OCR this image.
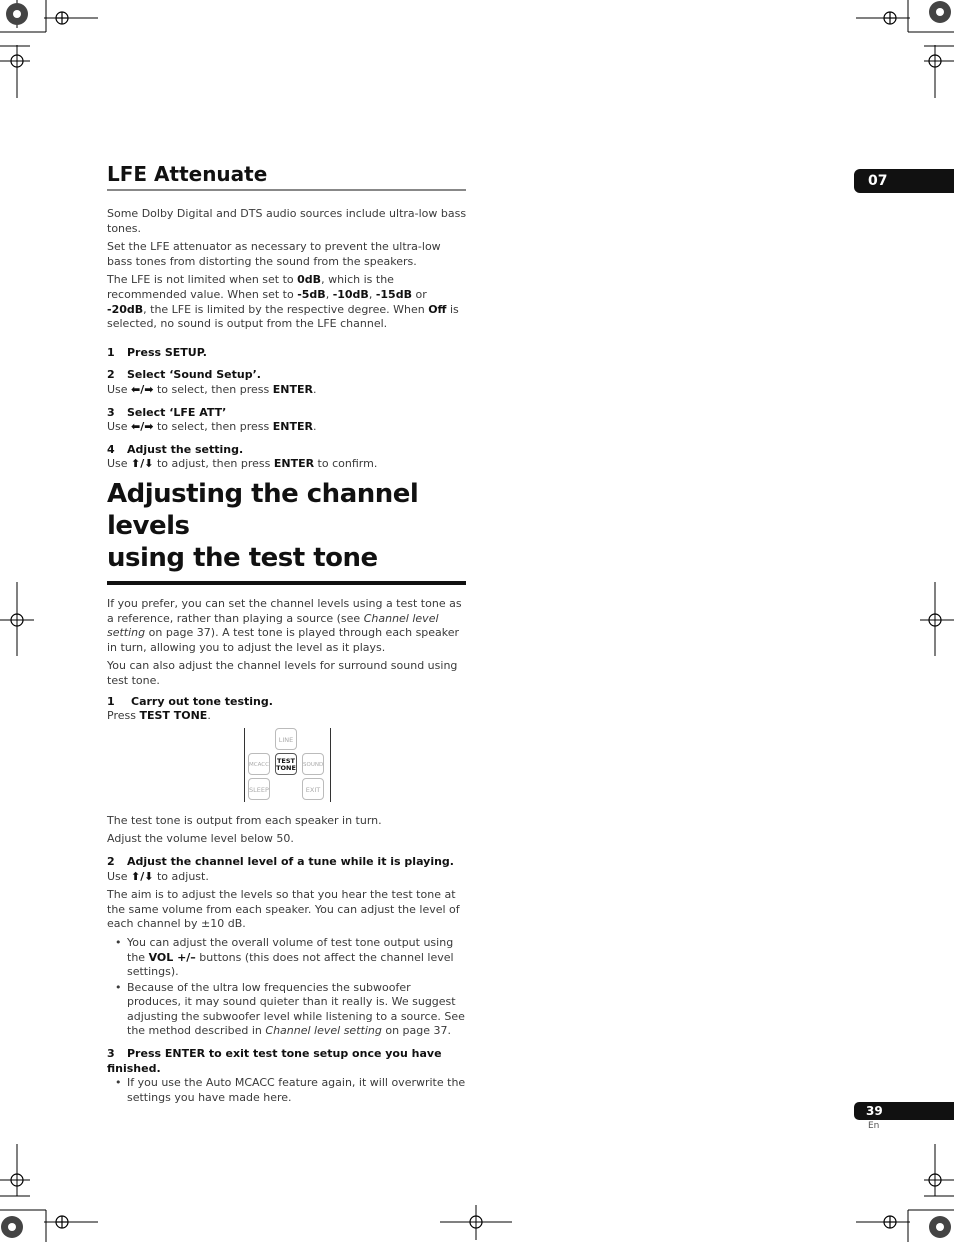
07
39
En
LFE Attenuate

Some Dolby Digital and DTS audio sources include ultra-low bass tones.

Set the LFE attenuator as necessary to prevent the ultra-low bass tones from distorting the sound from the speakers.

The LFE is not limited when set to 0dB, which is the recommended value. When set to -5dB, -10dB, -15dB or -20dB, the LFE is limited by the respective degree. When Off is selected, no sound is output from the LFE channel.

1 Press SETUP.

2 Select ‘Sound Setup’.

Use ⬅/➡ to select, then press ENTER.

3 Select ‘LFE ATT’

Use ⬅/➡ to select, then press ENTER.

4 Adjust the setting.

Use ⬆/⬇ to adjust, then press ENTER to confirm.

Adjusting the channel levels
using the test tone

If you prefer, you can set the channel levels using a test tone as a reference, rather than playing a source (see Channel level setting on page 37). A test tone is played through each speaker in turn, allowing you to adjust the level as it plays.

You can also adjust the channel levels for surround sound using test tone.

1 Carry out tone testing.

Press TEST TONE.

LINE
MCACC TEST
TONE SOUND
SLEEP	EXIT

The test tone is output from each speaker in turn.

Adjust the volume level below 50.

2 Adjust the channel level of a tune while it is playing.

Use ⬆/⬇ to adjust.

The aim is to adjust the levels so that you hear the test tone at the same volume from each speaker. You can adjust the level of each channel by ±10 dB.

• You can adjust the overall volume of test tone output using the VOL +/– buttons (this does not affect the channel level settings).

• Because of the ultra low frequencies the subwoofer produces, it may sound quieter than it really is. We suggest adjusting the subwoofer level while listening to a source. See the method described in Channel level setting on page 37.

3 Press ENTER to exit test tone setup once you have finished.

• If you use the Auto MCACC feature again, it will overwrite the settings you have made here.
